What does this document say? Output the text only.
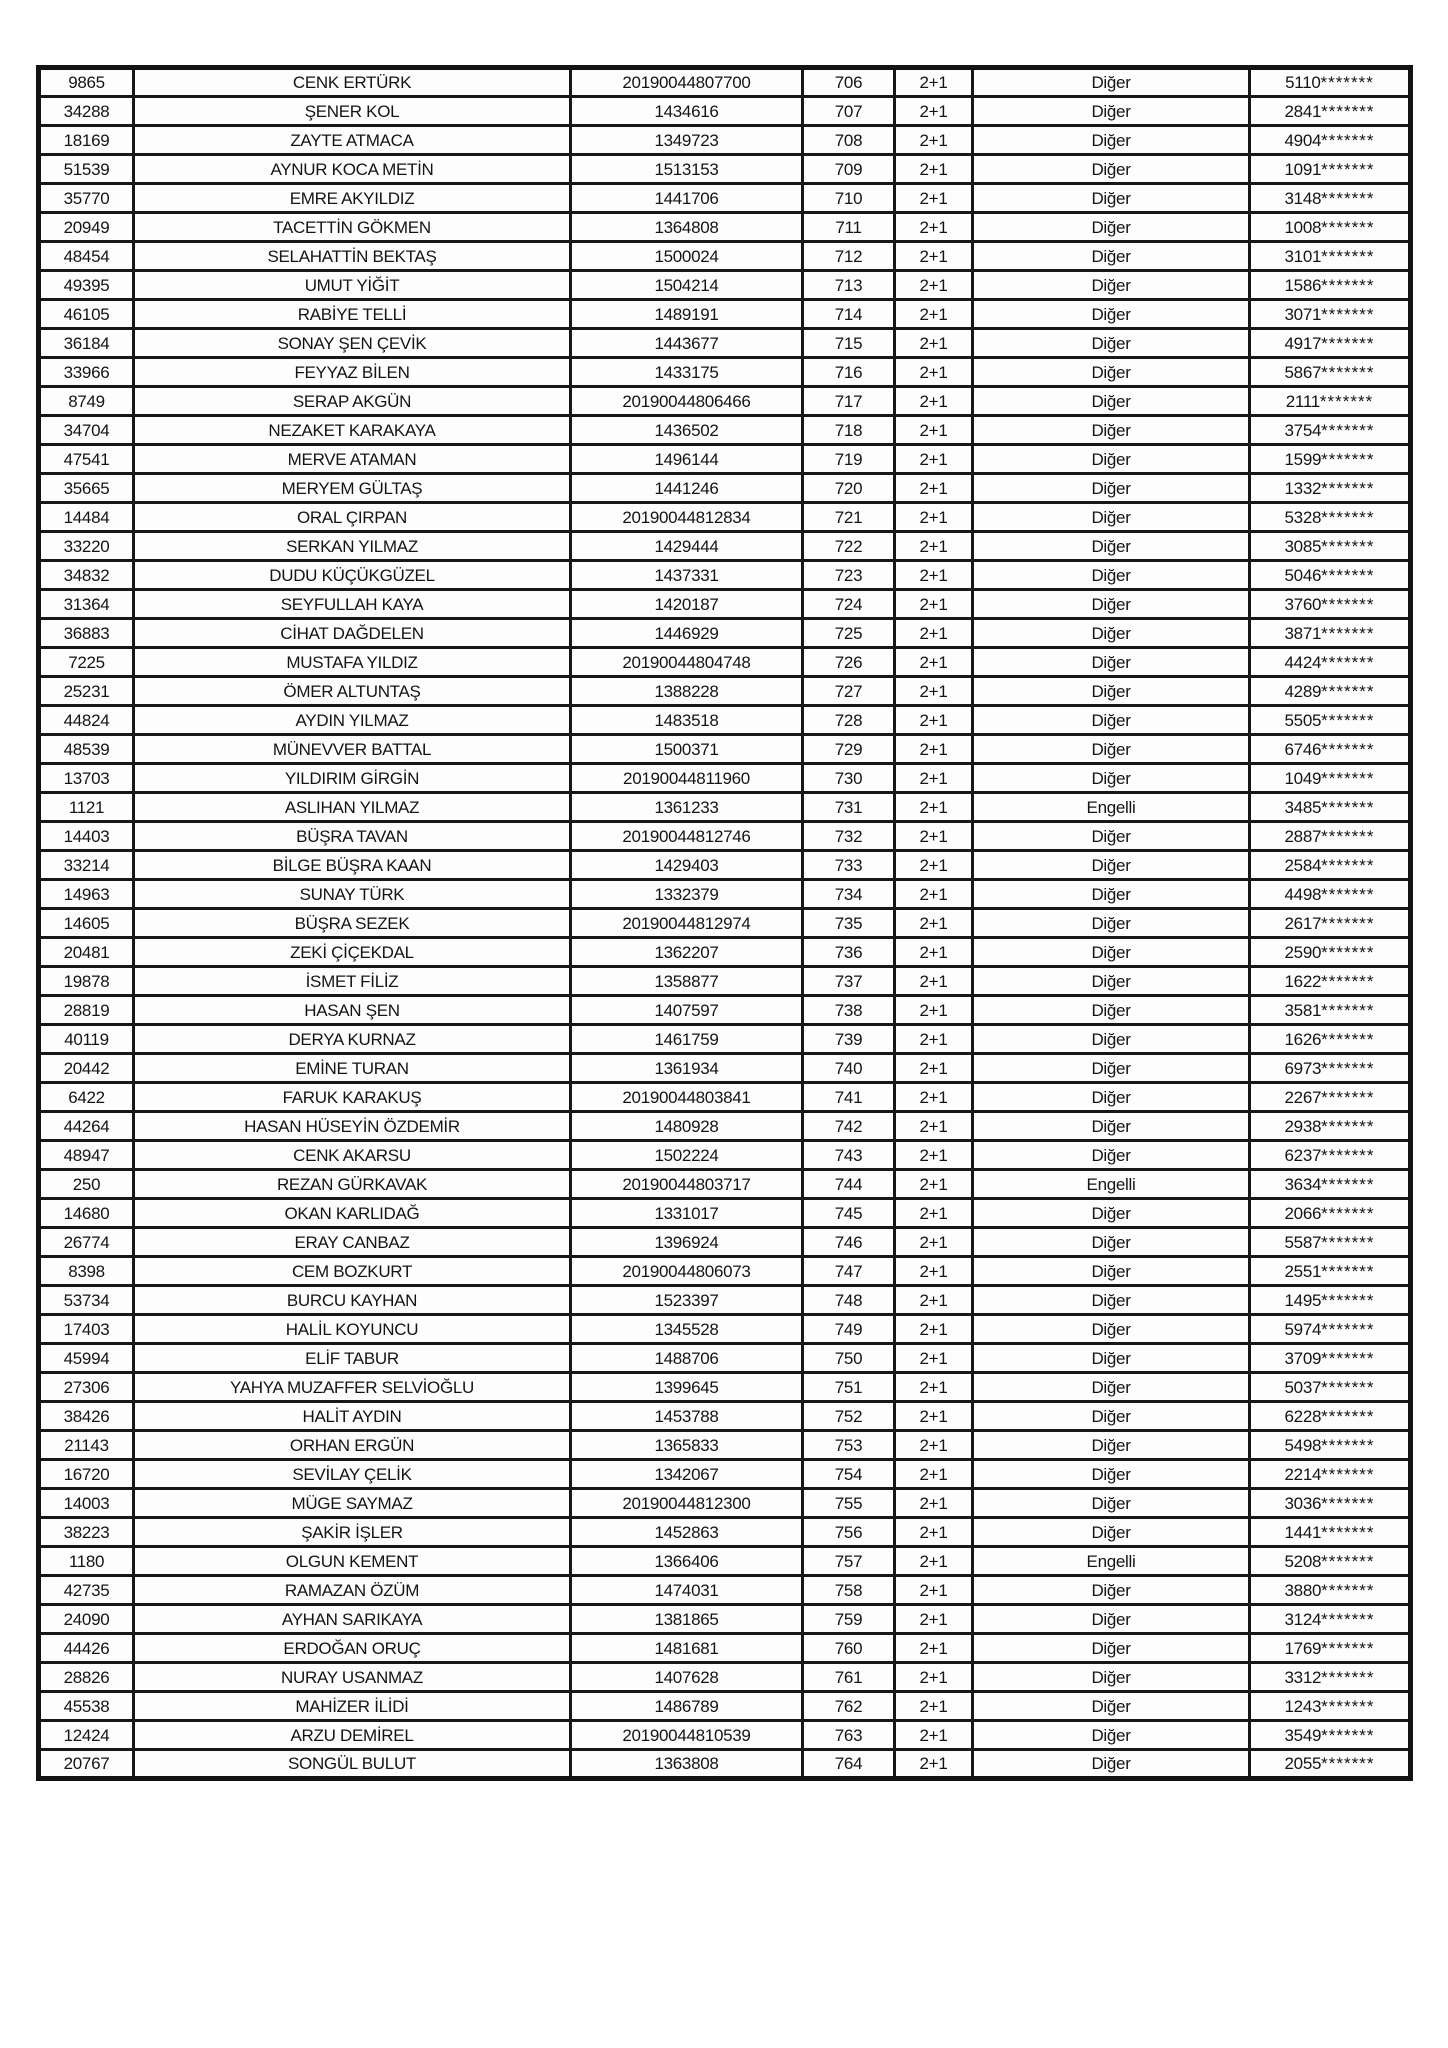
9865	CENK ERTÜRK	20190044807700	706	2+1	Diğer	5110*******
34288	ŞENER KOL	1434616	707	2+1	Diğer	2841*******
18169	ZAYTE ATMACA	1349723	708	2+1	Diğer	4904*******
51539	AYNUR KOCA METİN	1513153	709	2+1	Diğer	1091*******
35770	EMRE AKYILDIZ	1441706	710	2+1	Diğer	3148*******
20949	TACETTİN GÖKMEN	1364808	711	2+1	Diğer	1008*******
48454	SELAHATTİN BEKTAŞ	1500024	712	2+1	Diğer	3101*******
49395	UMUT YİĞİT	1504214	713	2+1	Diğer	1586*******
46105	RABİYE TELLİ	1489191	714	2+1	Diğer	3071*******
36184	SONAY ŞEN ÇEVİK	1443677	715	2+1	Diğer	4917*******
33966	FEYYAZ BİLEN	1433175	716	2+1	Diğer	5867*******
8749	SERAP AKGÜN	20190044806466	717	2+1	Diğer	2111*******
34704	NEZAKET KARAKAYA	1436502	718	2+1	Diğer	3754*******
47541	MERVE ATAMAN	1496144	719	2+1	Diğer	1599*******
35665	MERYEM GÜLTAŞ	1441246	720	2+1	Diğer	1332*******
14484	ORAL ÇIRPAN	20190044812834	721	2+1	Diğer	5328*******
33220	SERKAN YILMAZ	1429444	722	2+1	Diğer	3085*******
34832	DUDU KÜÇÜKGÜZEL	1437331	723	2+1	Diğer	5046*******
31364	SEYFULLAH KAYA	1420187	724	2+1	Diğer	3760*******
36883	CİHAT DAĞDELEN	1446929	725	2+1	Diğer	3871*******
7225	MUSTAFA YILDIZ	20190044804748	726	2+1	Diğer	4424*******
25231	ÖMER ALTUNTAŞ	1388228	727	2+1	Diğer	4289*******
44824	AYDIN YILMAZ	1483518	728	2+1	Diğer	5505*******
48539	MÜNEVVER BATTAL	1500371	729	2+1	Diğer	6746*******
13703	YILDIRIM GİRGİN	20190044811960	730	2+1	Diğer	1049*******
1121	ASLIHAN YILMAZ	1361233	731	2+1	Engelli	3485*******
14403	BÜŞRA TAVAN	20190044812746	732	2+1	Diğer	2887*******
33214	BİLGE BÜŞRA KAAN	1429403	733	2+1	Diğer	2584*******
14963	SUNAY TÜRK	1332379	734	2+1	Diğer	4498*******
14605	BÜŞRA SEZEK	20190044812974	735	2+1	Diğer	2617*******
20481	ZEKİ ÇİÇEKDAL	1362207	736	2+1	Diğer	2590*******
19878	İSMET FİLİZ	1358877	737	2+1	Diğer	1622*******
28819	HASAN ŞEN	1407597	738	2+1	Diğer	3581*******
40119	DERYA KURNAZ	1461759	739	2+1	Diğer	1626*******
20442	EMİNE TURAN	1361934	740	2+1	Diğer	6973*******
6422	FARUK KARAKUŞ	20190044803841	741	2+1	Diğer	2267*******
44264	HASAN HÜSEYİN ÖZDEMİR	1480928	742	2+1	Diğer	2938*******
48947	CENK AKARSU	1502224	743	2+1	Diğer	6237*******
250	REZAN GÜRKAVAK	20190044803717	744	2+1	Engelli	3634*******
14680	OKAN KARLIDAĞ	1331017	745	2+1	Diğer	2066*******
26774	ERAY CANBAZ	1396924	746	2+1	Diğer	5587*******
8398	CEM BOZKURT	20190044806073	747	2+1	Diğer	2551*******
53734	BURCU KAYHAN	1523397	748	2+1	Diğer	1495*******
17403	HALİL KOYUNCU	1345528	749	2+1	Diğer	5974*******
45994	ELİF TABUR	1488706	750	2+1	Diğer	3709*******
27306	YAHYA MUZAFFER SELVİOĞLU	1399645	751	2+1	Diğer	5037*******
38426	HALİT AYDIN	1453788	752	2+1	Diğer	6228*******
21143	ORHAN ERGÜN	1365833	753	2+1	Diğer	5498*******
16720	SEVİLAY ÇELİK	1342067	754	2+1	Diğer	2214*******
14003	MÜGE SAYMAZ	20190044812300	755	2+1	Diğer	3036*******
38223	ŞAKİR İŞLER	1452863	756	2+1	Diğer	1441*******
1180	OLGUN KEMENT	1366406	757	2+1	Engelli	5208*******
42735	RAMAZAN ÖZÜM	1474031	758	2+1	Diğer	3880*******
24090	AYHAN SARIKAYA	1381865	759	2+1	Diğer	3124*******
44426	ERDOĞAN ORUÇ	1481681	760	2+1	Diğer	1769*******
28826	NURAY USANMAZ	1407628	761	2+1	Diğer	3312*******
45538	MAHİZER İLİDİ	1486789	762	2+1	Diğer	1243*******
12424	ARZU DEMİREL	20190044810539	763	2+1	Diğer	3549*******
20767	SONGÜL BULUT	1363808	764	2+1	Diğer	2055*******
